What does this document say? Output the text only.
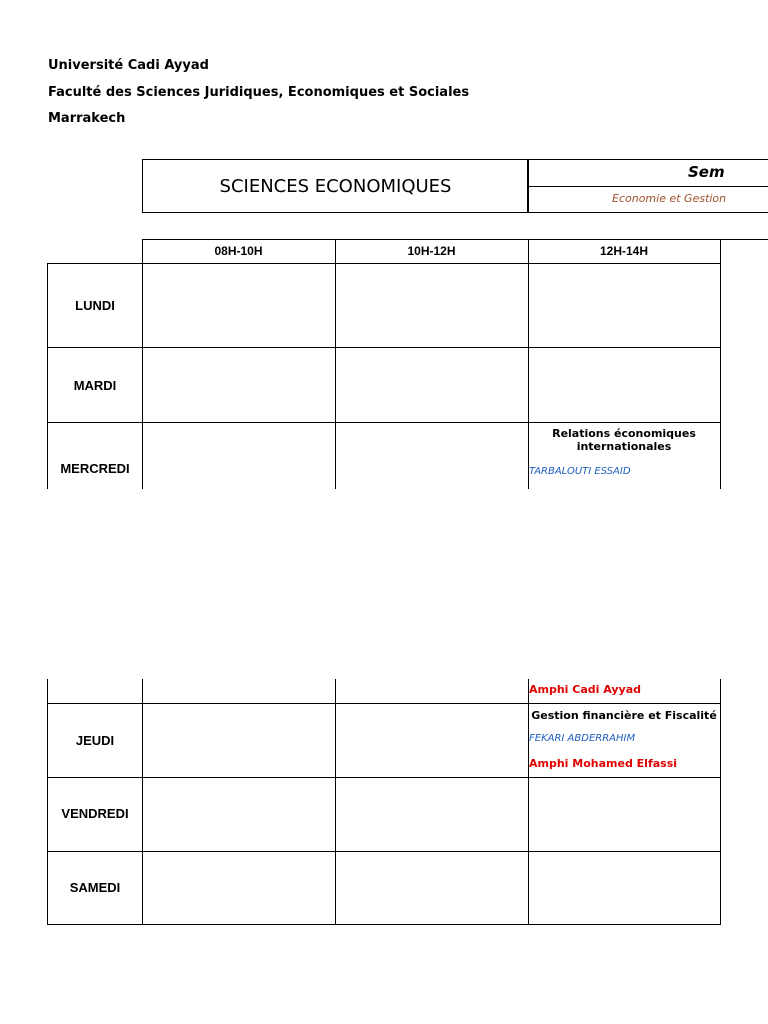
Université Cadi Ayyad
Faculté des Sciences Juridiques, Economiques et Sociales
Marrakech
SCIENCES ECONOMIQUES
Sem
Economie et Gestion
08H-10H	10H-12H	12H-14H
LUNDI
MARDI
MERCREDI
JEUDI
VENDREDI
SAMEDI
Relations économiques internationales
TARBALOUTI ESSAID
Amphi Cadi Ayyad
Gestion financière et Fiscalité
FEKARI ABDERRAHIM
Amphi Mohamed Elfassi
